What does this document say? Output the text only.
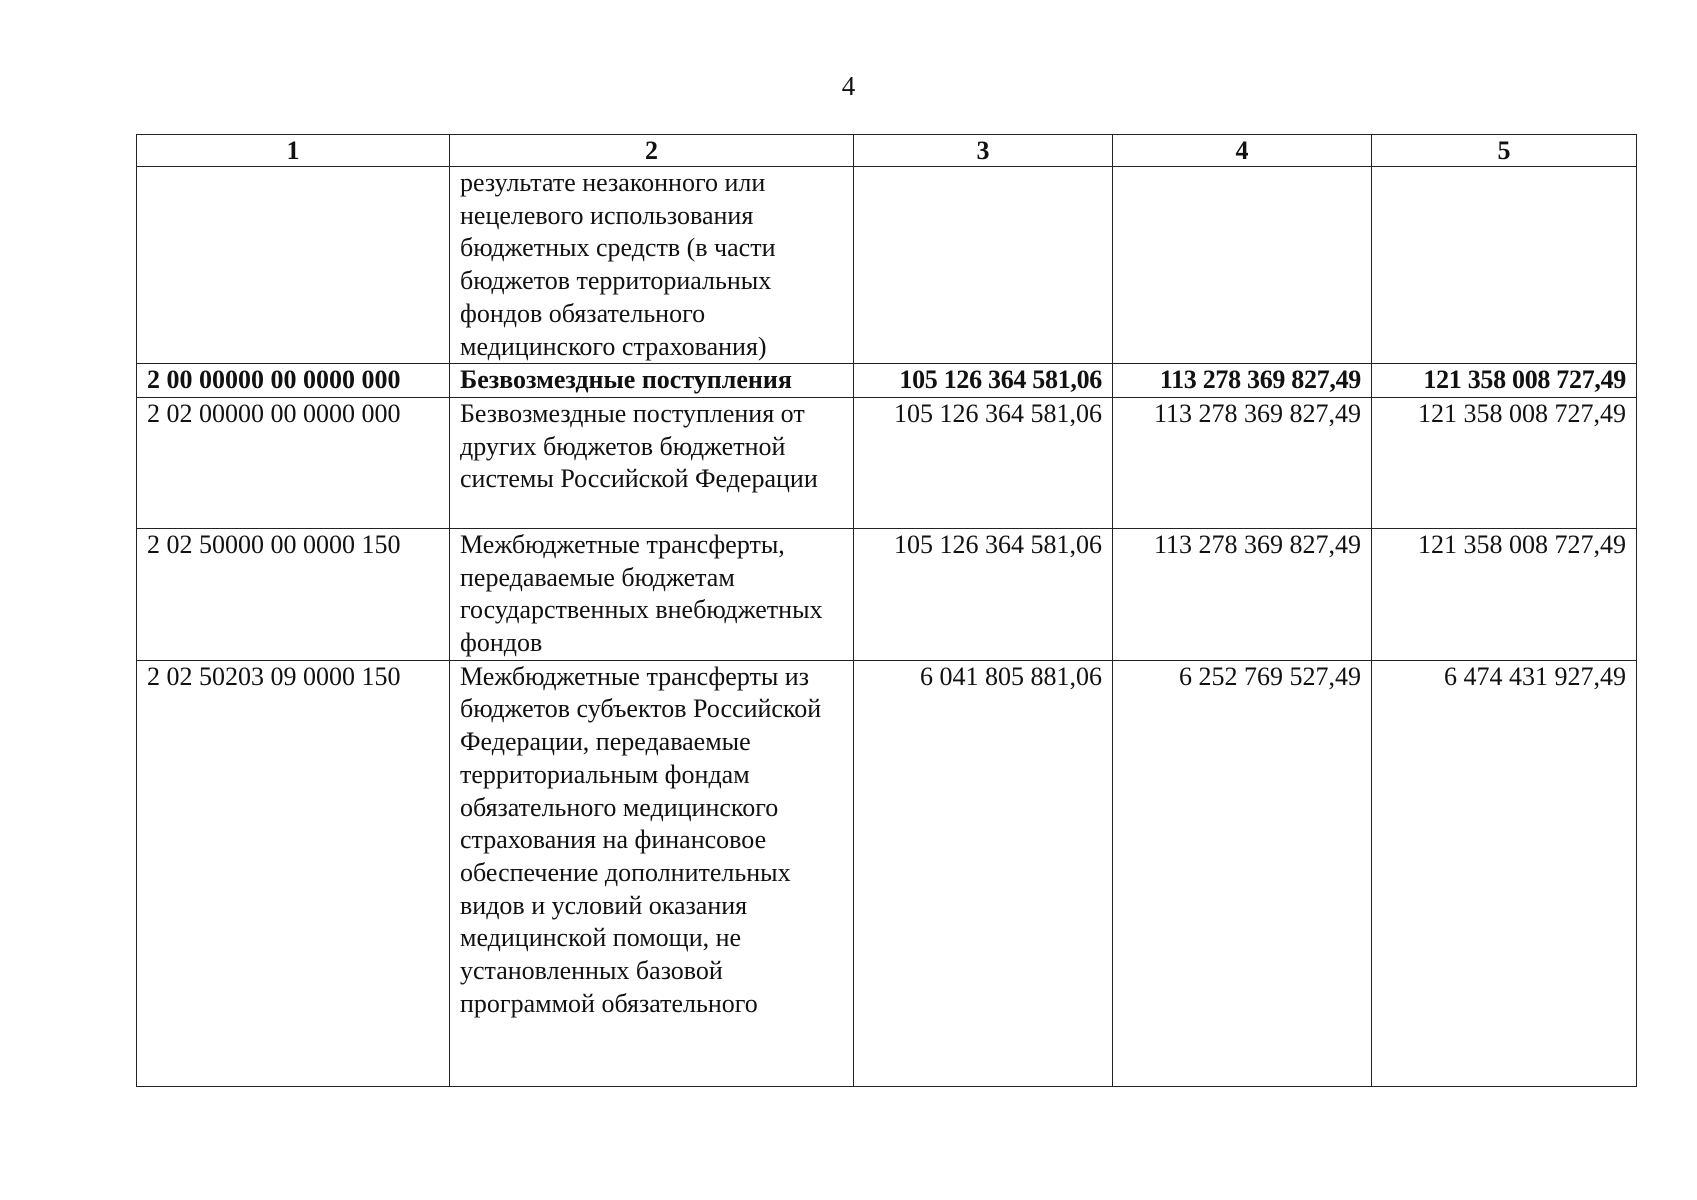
4
1	2	3	4	5
	результате незаконного или нецелевого использования бюджетных средств (в части бюджетов территориальных фондов обязательного медицинского страхования)			
2 00 00000 00 0000 000	Безвозмездные поступления	105 126 364 581,06	113 278 369 827,49	121 358 008 727,49
2 02 00000 00 0000 000	Безвозмездные поступления от других бюджетов бюджетной системы Российской Федерации	105 126 364 581,06	113 278 369 827,49	121 358 008 727,49
2 02 50000 00 0000 150	Межбюджетные трансферты, передаваемые бюджетам государственных внебюджетных фондов	105 126 364 581,06	113 278 369 827,49	121 358 008 727,49
2 02 50203 09 0000 150	Межбюджетные трансферты из бюджетов субъектов Российской Федерации, передаваемые территориальным фондам обязательного медицинского страхования на финансовое обеспечение дополнительных видов и условий оказания медицинской помощи, не установленных базовой программой обязательного	6 041 805 881,06	6 252 769 527,49	6 474 431 927,49
